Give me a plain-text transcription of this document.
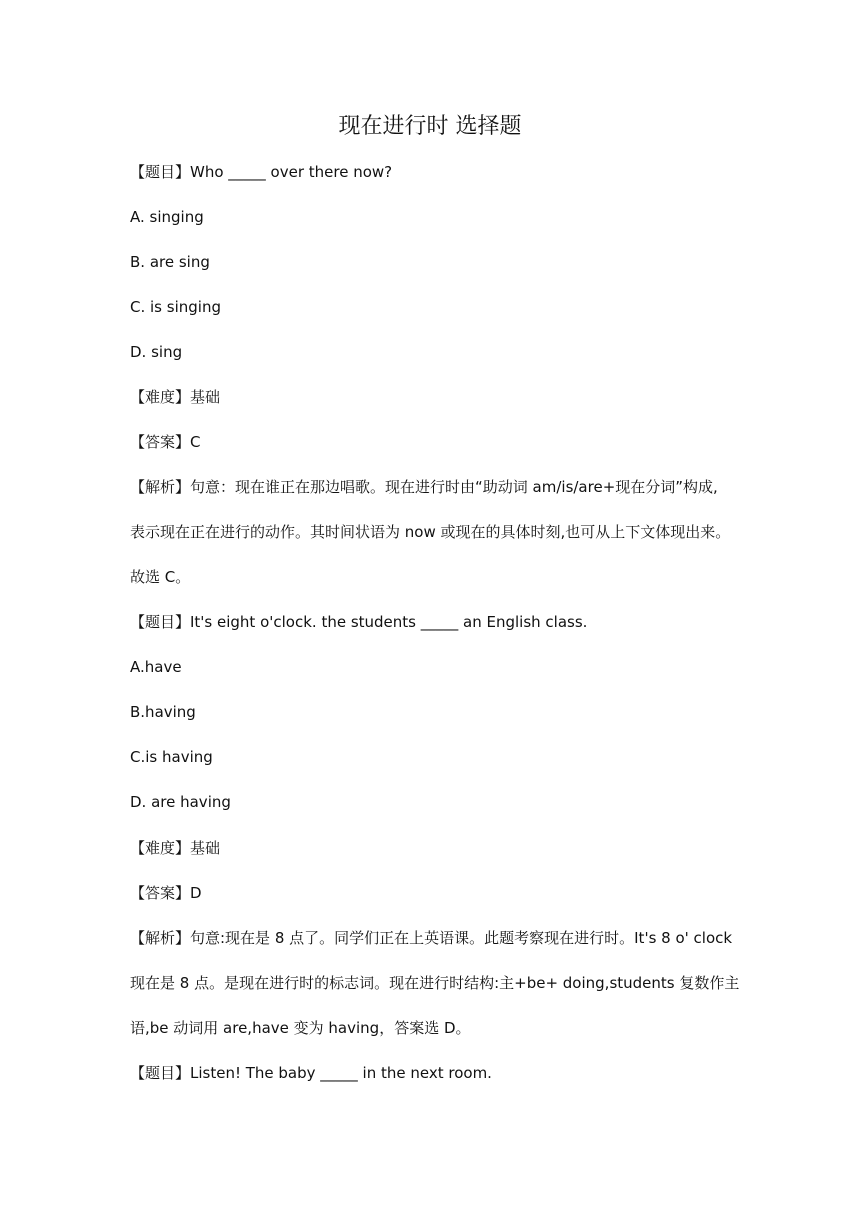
现在进行时 选择题
【题目】Who _____ over there now?
A. singing
B. are sing
C. is singing
D. sing
【难度】基础
【答案】C
【解析】句意：现在谁正在那边唱歌。现在进行时由“助动词 am/is/are+现在分词”构成,
表示现在正在进行的动作。其时间状语为 now 或现在的具体时刻,也可从上下文体现出来。
故选 C。
【题目】It's eight o'clock. the students _____ an English class.
A.have
B.having
C.is having
D. are having
【难度】基础
【答案】D
【解析】句意:现在是 8 点了。同学们正在上英语课。此题考察现在进行时。It's 8 o' clock
现在是 8 点。是现在进行时的标志词。现在进行时结构:主+be+ doing,students 复数作主
语,be 动词用 are,have 变为 having，答案选 D。
【题目】Listen! The baby _____ in the next room.
